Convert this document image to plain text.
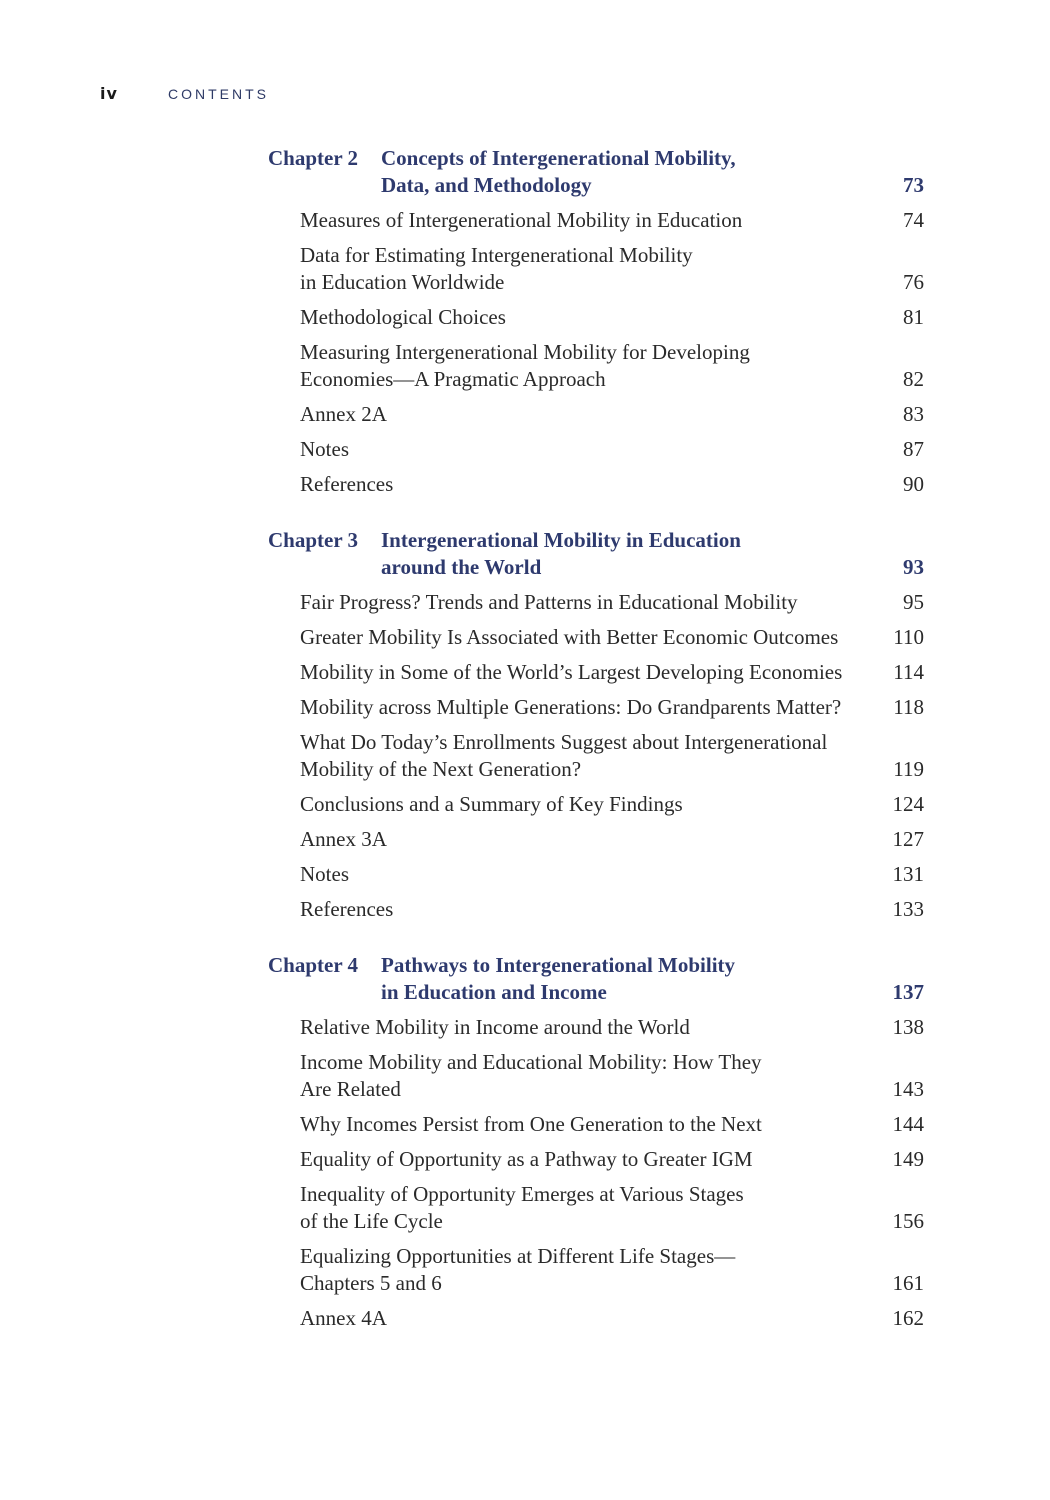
iv	CONTENTS
Chapter 2 Concepts of Intergenerational Mobility,
Data, and Methodology	73
Measures of Intergenerational Mobility in Education	74
Data for Estimating Intergenerational Mobility
in Education Worldwide	76
Methodological Choices	81
Measuring Intergenerational Mobility for Developing
Economies—A Pragmatic Approach	82
Annex 2A	83
Notes	87
References	90
Chapter 3 Intergenerational Mobility in Education
around the World	93
Fair Progress? Trends and Patterns in Educational Mobility	95
Greater Mobility Is Associated with Better Economic Outcomes	110
Mobility in Some of the World’s Largest Developing Economies	114
Mobility across Multiple Generations: Do Grandparents Matter?	118
What Do Today’s Enrollments Suggest about Intergenerational
Mobility of the Next Generation?	119
Conclusions and a Summary of Key Findings	124
Annex 3A	127
Notes	131
References	133
Chapter 4 Pathways to Intergenerational Mobility
in Education and Income	137
Relative Mobility in Income around the World	138
Income Mobility and Educational Mobility: How They
Are Related	143
Why Incomes Persist from One Generation to the Next	144
Equality of Opportunity as a Pathway to Greater IGM	149
Inequality of Opportunity Emerges at Various Stages
of the Life Cycle	156
Equalizing Opportunities at Different Life Stages—
Chapters 5 and 6	161
Annex 4A	162
